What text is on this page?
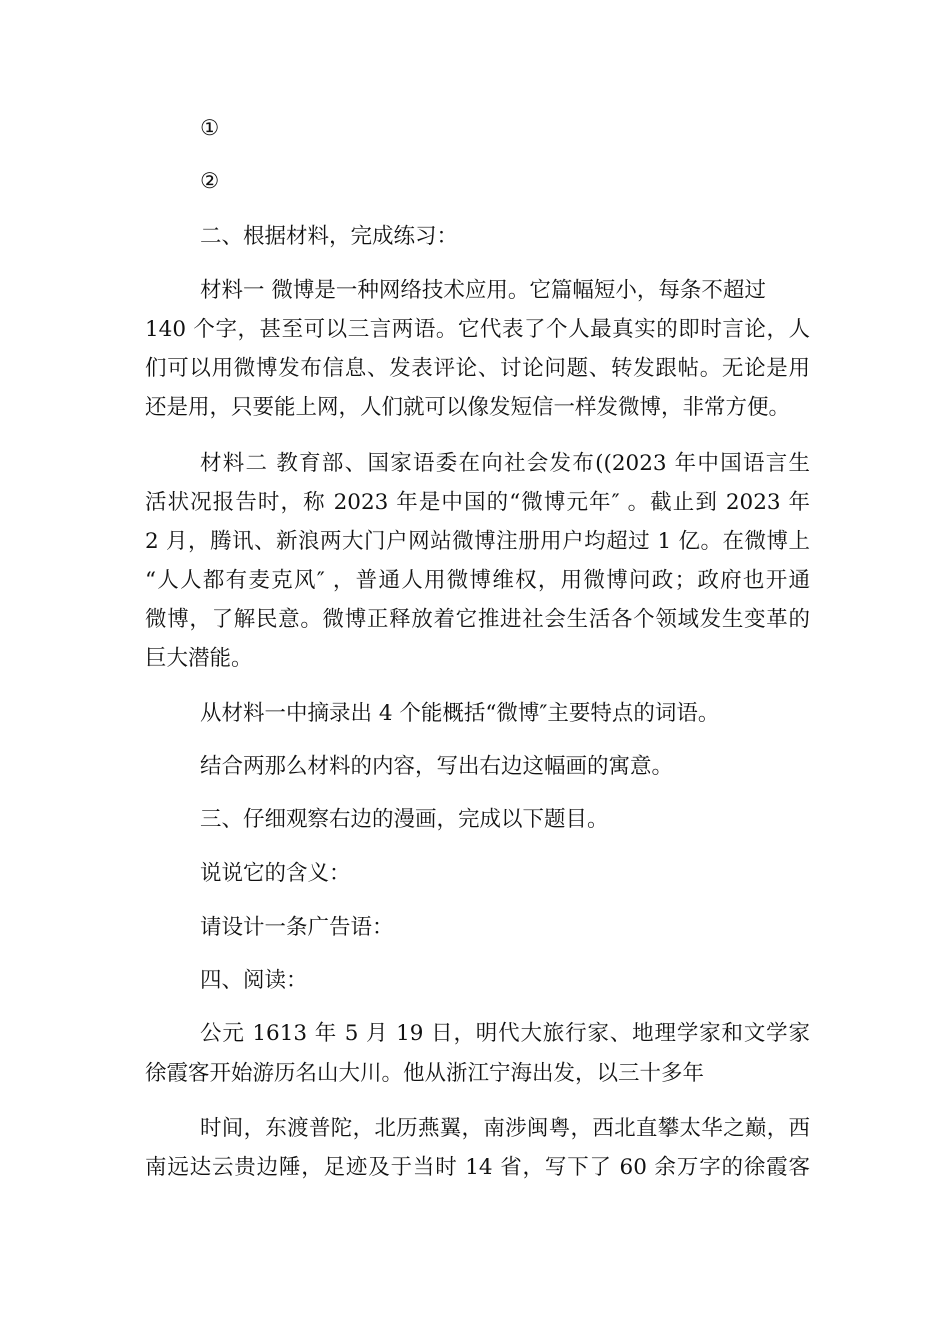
①
②
二、根据材料，完成练习：
材料一 微博是一种网络技术应用。它篇幅短小，每条不超过
140 个字，甚至可以三言两语。它代表了个人最真实的即时言论，人
们可以用微博发布信息、发表评论、讨论问题、转发跟帖。无论是用
还是用，只要能上网，人们就可以像发短信一样发微博，非常方便。
材料二 教育部、国家语委在向社会发布((2023 年中国语言生
活状况报告时，称 2023 年是中国的“微博元年″ 。截止到 2023 年
2 月，腾讯、新浪两大门户网站微博注册用户均超过 1 亿。在微博上
“人人都有麦克风″ ，普通人用微博维权，用微博问政；政府也开通
微博，了解民意。微博正释放着它推进社会生活各个领域发生变革的
巨大潜能。
从材料一中摘录出 4 个能概括“微博″主要特点的词语。
结合两那么材料的内容，写出右边这幅画的寓意。
三、仔细观察右边的漫画，完成以下题目。
说说它的含义：
请设计一条广告语：
四、阅读：
公元 1613 年 5 月 19 日，明代大旅行家、地理学家和文学家
徐霞客开始游历名山大川。他从浙江宁海出发，以三十多年
时间，东渡普陀，北历燕翼，南涉闽粤，西北直攀太华之巅，西
南远达云贵边陲，足迹及于当时 14 省，写下了 60 余万字的徐霞客
